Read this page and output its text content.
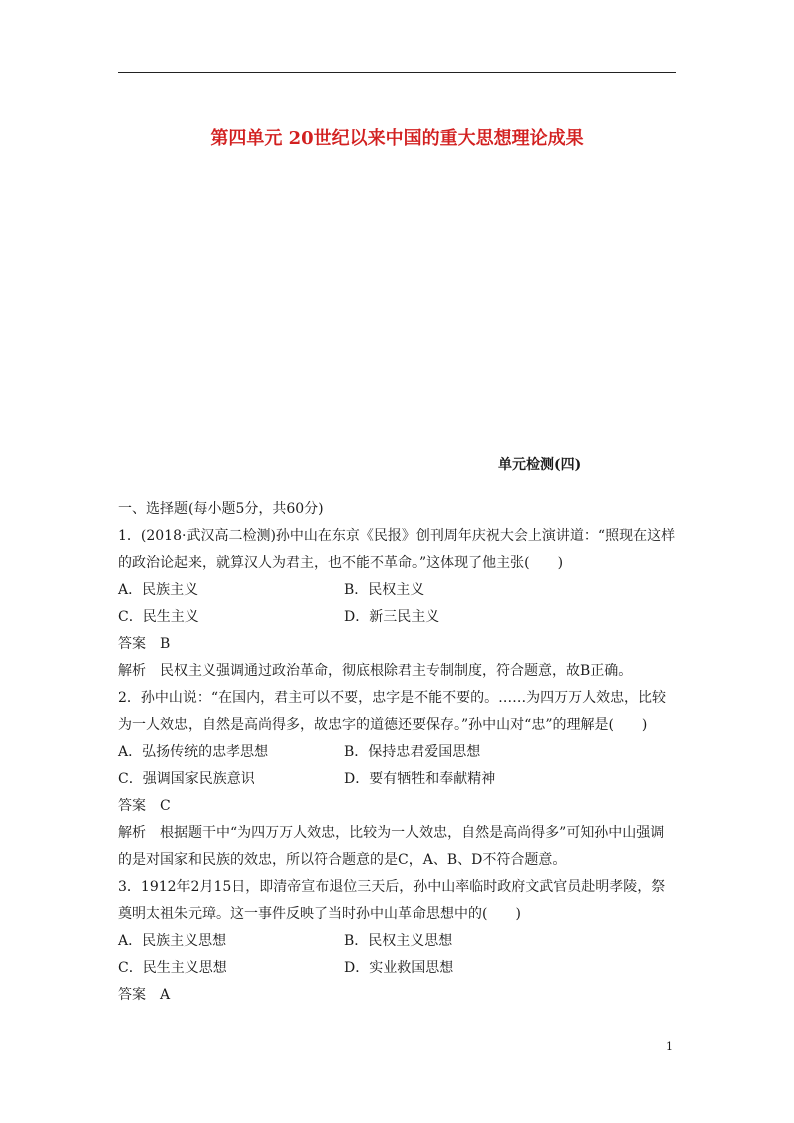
第四单元 20世纪以来中国的重大思想理论成果
单元检测(四)

一、选择题(每小题5分，共60分)

1．(2018·武汉高二检测)孙中山在东京《民报》创刊周年庆祝大会上演讲道：“照现在这样的政治论起来，就算汉人为君主，也不能不革命。”这体现了他主张(　　)

A．民族主义	B．民权主义
C．民生主义	D．新三民主义

答案　B

解析　民权主义强调通过政治革命，彻底根除君主专制制度，符合题意，故B正确。

2．孙中山说：“在国内，君主可以不要，忠字是不能不要的。……为四万万人效忠，比较为一人效忠，自然是高尚得多，故忠字的道德还要保存。”孙中山对“忠”的理解是(　　)

A．弘扬传统的忠孝思想	B．保持忠君爱国思想
C．强调国家民族意识	D．要有牺牲和奉献精神

答案　C

解析　根据题干中“为四万万人效忠，比较为一人效忠，自然是高尚得多”可知孙中山强调的是对国家和民族的效忠，所以符合题意的是C，A、B、D不符合题意。

3．1912年2月15日，即清帝宣布退位三天后，孙中山率临时政府文武官员赴明孝陵，祭奠明太祖朱元璋。这一事件反映了当时孙中山革命思想中的(　　)

A．民族主义思想	B．民权主义思想
C．民生主义思想	D．实业救国思想

答案　A

1
